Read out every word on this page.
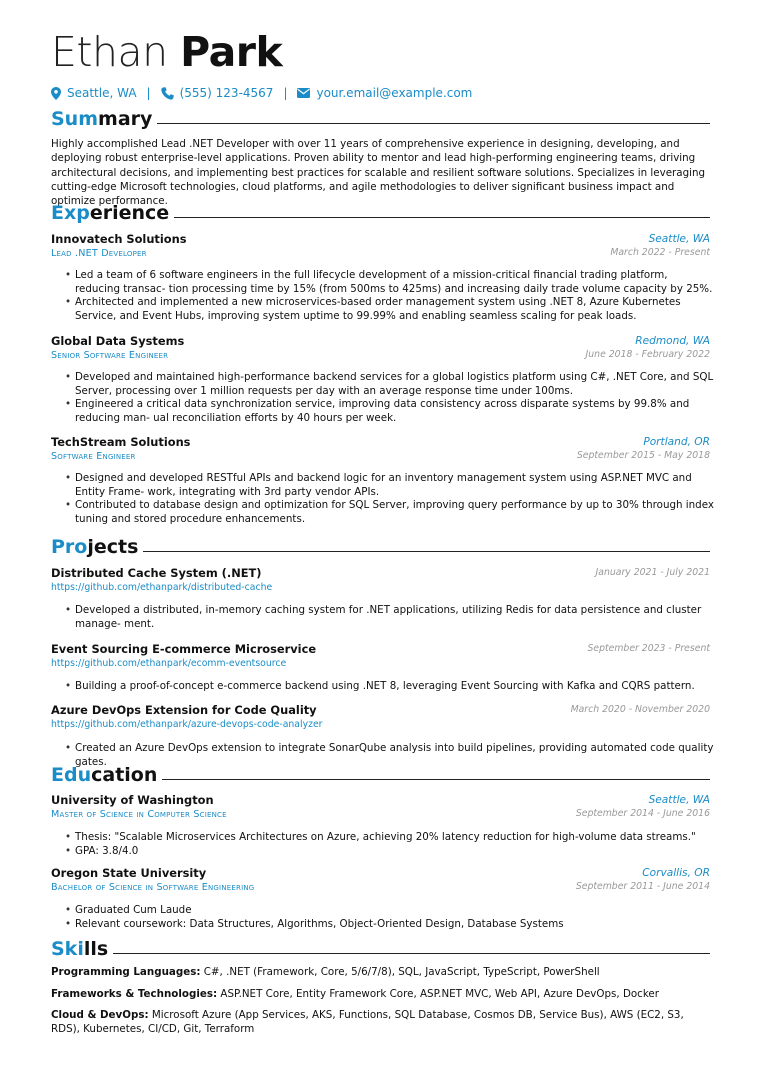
Ethan Park
Seattle, WA | (555) 123-4567 | your.email@example.com
Summary
Highly accomplished Lead .NET Developer with over 11 years of comprehensive experience in designing, developing, and deploying robust enterprise-level applications. Proven ability to mentor and lead high-performing engineering teams, driving architectural decisions, and implementing best practices for scalable and resilient software solutions. Specializes in leveraging cutting-edge Microsoft technologies, cloud platforms, and agile methodologies to deliver significant business impact and optimize performance.
Experience
Innovatech Solutions	Seattle, WA
Lead .NET Developer	March 2022 - Present
• Led a team of 6 software engineers in the full lifecycle development of a mission-critical financial trading platform, reducing transac- tion processing time by 15% (from 500ms to 425ms) and increasing daily trade volume capacity by 25%.
• Architected and implemented a new microservices-based order management system using .NET 8, Azure Kubernetes Service, and Event Hubs, improving system uptime to 99.99% and enabling seamless scaling for peak loads.
Global Data Systems	Redmond, WA
Senior Software Engineer	June 2018 - February 2022
• Developed and maintained high-performance backend services for a global logistics platform using C#, .NET Core, and SQL Server, processing over 1 million requests per day with an average response time under 100ms.
• Engineered a critical data synchronization service, improving data consistency across disparate systems by 99.8% and reducing man- ual reconciliation efforts by 40 hours per week.
TechStream Solutions	Portland, OR
Software Engineer	September 2015 - May 2018
• Designed and developed RESTful APIs and backend logic for an inventory management system using ASP.NET MVC and Entity Frame- work, integrating with 3rd party vendor APIs.
• Contributed to database design and optimization for SQL Server, improving query performance by up to 30% through index tuning and stored procedure enhancements.
Projects
Distributed Cache System (.NET)	January 2021 - July 2021
https://github.com/ethanpark/distributed-cache
• Developed a distributed, in-memory caching system for .NET applications, utilizing Redis for data persistence and cluster manage- ment.
Event Sourcing E-commerce Microservice	September 2023 - Present
https://github.com/ethanpark/ecomm-eventsource
• Building a proof-of-concept e-commerce backend using .NET 8, leveraging Event Sourcing with Kafka and CQRS pattern.
Azure DevOps Extension for Code Quality	March 2020 - November 2020
https://github.com/ethanpark/azure-devops-code-analyzer
• Created an Azure DevOps extension to integrate SonarQube analysis into build pipelines, providing automated code quality gates.
Education
University of Washington	Seattle, WA
Master of Science in Computer Science	September 2014 - June 2016
• Thesis: "Scalable Microservices Architectures on Azure, achieving 20% latency reduction for high-volume data streams."
• GPA: 3.8/4.0
Oregon State University	Corvallis, OR
Bachelor of Science in Software Engineering	September 2011 - June 2014
• Graduated Cum Laude
• Relevant coursework: Data Structures, Algorithms, Object-Oriented Design, Database Systems
Skills
Programming Languages: C#, .NET (Framework, Core, 5/6/7/8), SQL, JavaScript, TypeScript, PowerShell
Frameworks & Technologies: ASP.NET Core, Entity Framework Core, ASP.NET MVC, Web API, Azure DevOps, Docker
Cloud & DevOps: Microsoft Azure (App Services, AKS, Functions, SQL Database, Cosmos DB, Service Bus), AWS (EC2, S3, RDS), Kubernetes, CI/CD, Git, Terraform
